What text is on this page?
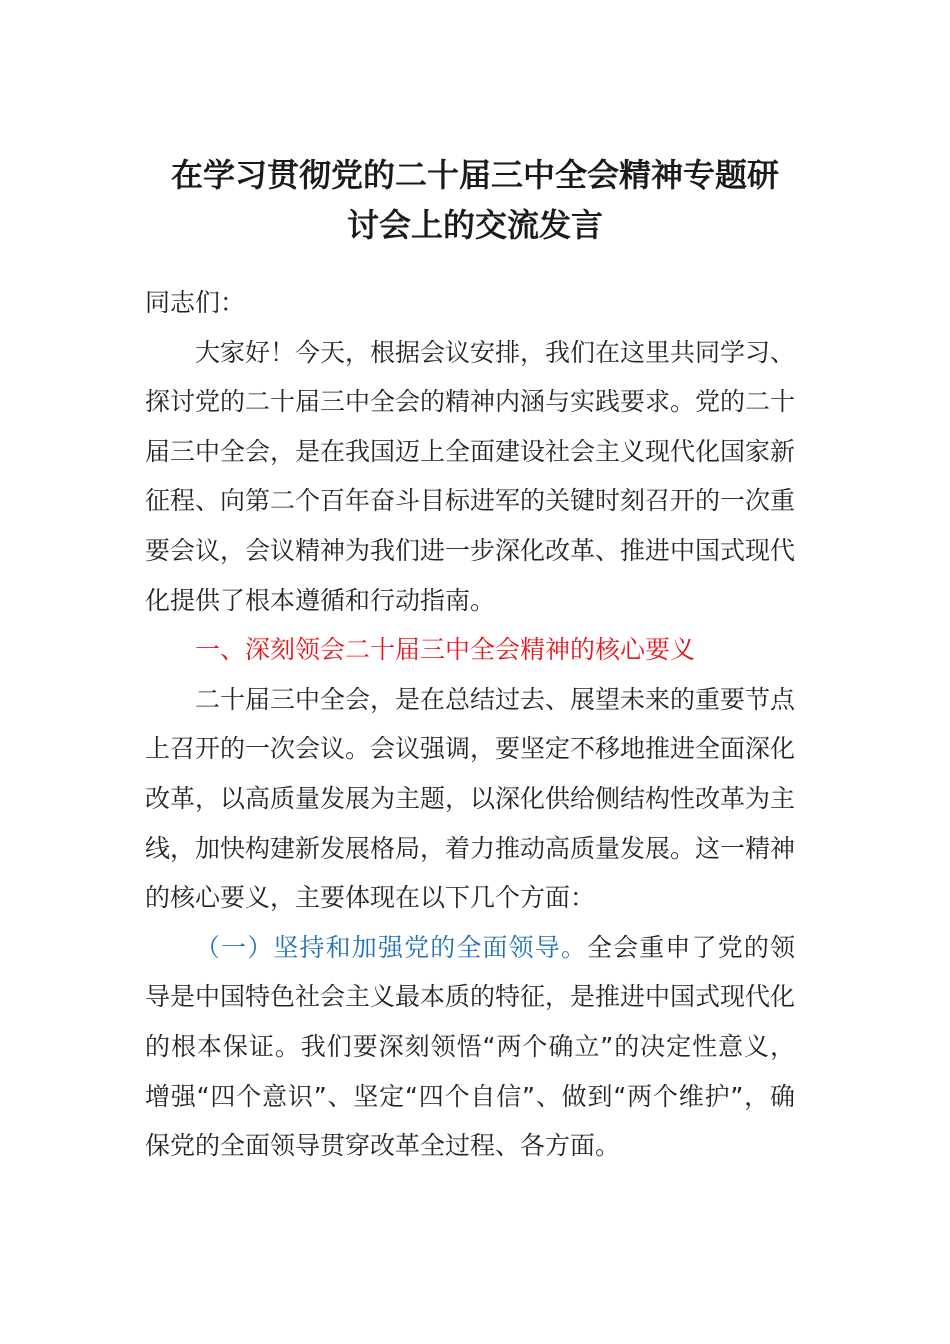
在学习贯彻党的二十届三中全会精神专题研
讨会上的交流发言

同志们：

大家好！今天，根据会议安排，我们在这里共同学习、探讨党的二十届三中全会的精神内涵与实践要求。党的二十届三中全会，是在我国迈上全面建设社会主义现代化国家新征程、向第二个百年奋斗目标进军的关键时刻召开的一次重要会议，会议精神为我们进一步深化改革、推进中国式现代化提供了根本遵循和行动指南。

一、深刻领会二十届三中全会精神的核心要义

二十届三中全会，是在总结过去、展望未来的重要节点上召开的一次会议。会议强调，要坚定不移地推进全面深化改革，以高质量发展为主题，以深化供给侧结构性改革为主线，加快构建新发展格局，着力推动高质量发展。这一精神的核心要义，主要体现在以下几个方面：

（一）坚持和加强党的全面领导。全会重申了党的领导是中国特色社会主义最本质的特征，是推进中国式现代化的根本保证。我们要深刻领悟“两个确立”的决定性意义，增强“四个意识”、坚定“四个自信”、做到“两个维护”，确保党的全面领导贯穿改革全过程、各方面。
